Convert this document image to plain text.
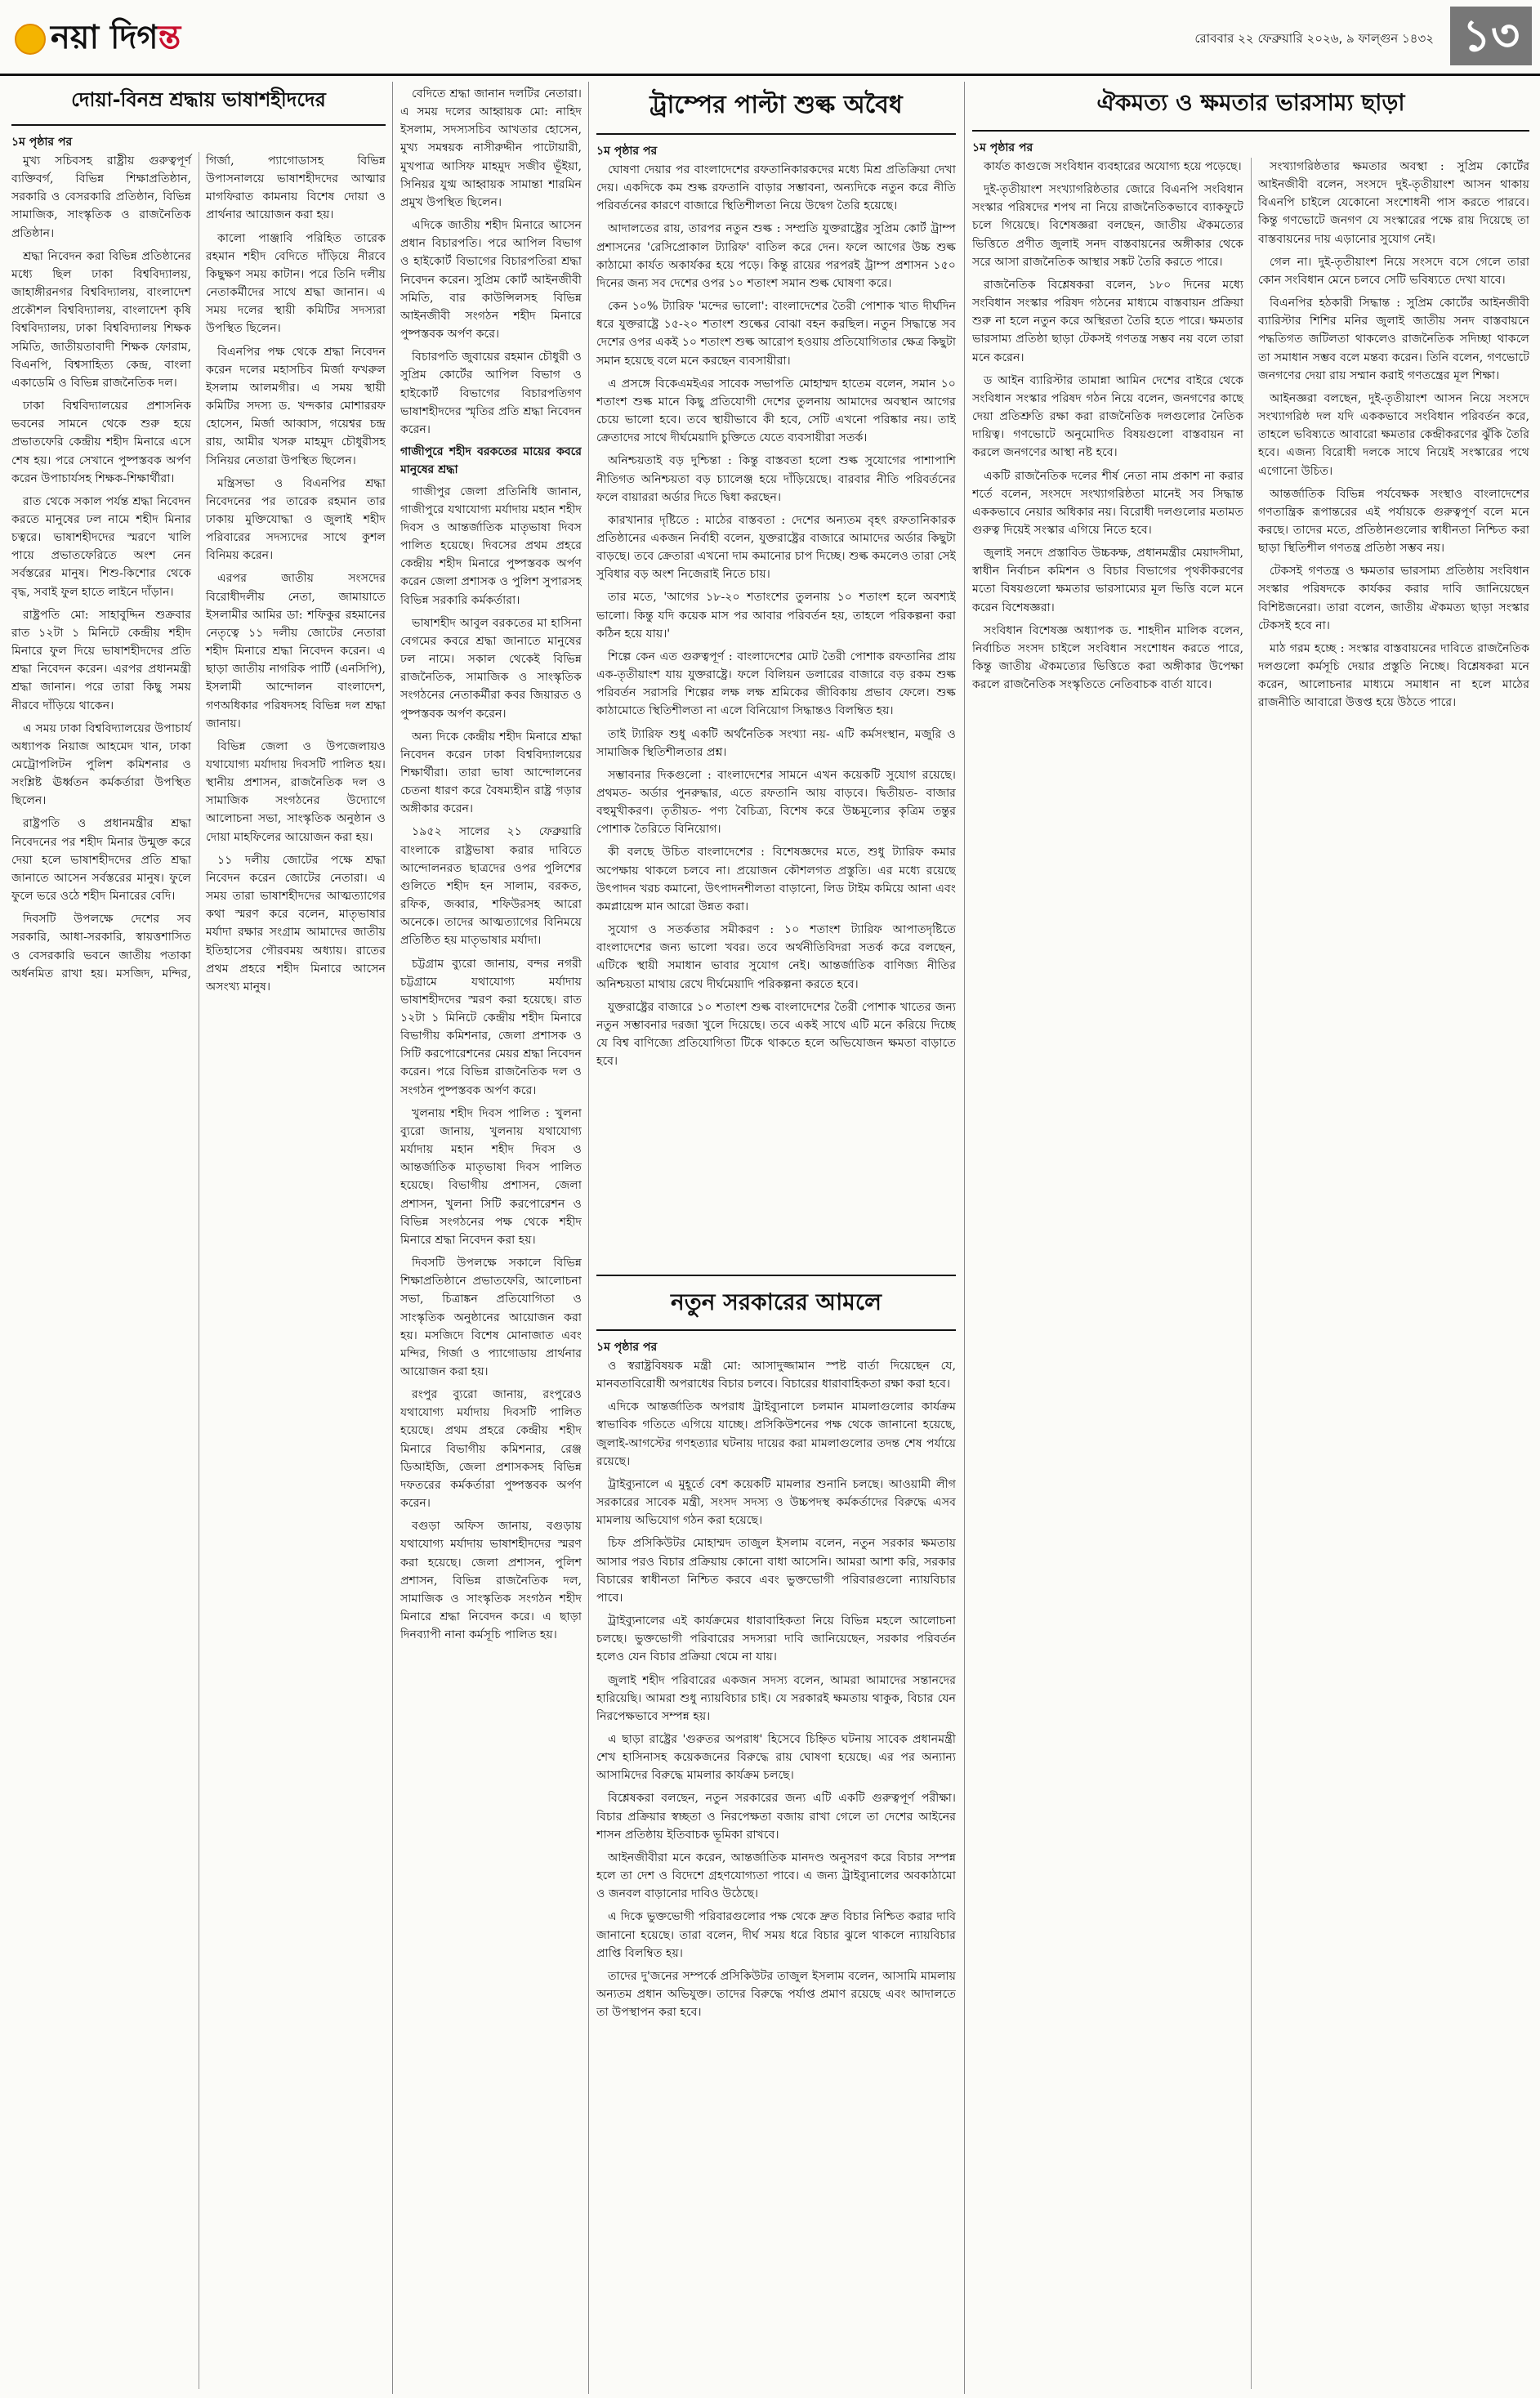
নয়া দিগন্ত	রোববার ২২ ফেব্রুয়ারি ২০২৬, ৯ ফাল্গুন ১৪৩২ ১৩
দোয়া-বিনম্র শ্রদ্ধায় ভাষাশহীদদের
১ম পৃষ্ঠার পর

মুখ্য সচিবসহ রাষ্ট্রীয় গুরুত্বপূর্ণ ব্যক্তিবর্গ, বিভিন্ন শিক্ষাপ্রতিষ্ঠান, সরকারি ও বেসরকারি প্রতিষ্ঠান, বিভিন্ন সামাজিক, সাংস্কৃতিক ও রাজনৈতিক প্রতিষ্ঠান।

শ্রদ্ধা নিবেদন করা বিভিন্ন প্রতিষ্ঠানের মধ্যে ছিল ঢাকা বিশ্ববিদ্যালয়, জাহাঙ্গীরনগর বিশ্ববিদ্যালয়, বাংলাদেশ প্রকৌশল বিশ্ববিদ্যালয়, বাংলাদেশ কৃষি বিশ্ববিদ্যালয়, ঢাকা বিশ্ববিদ্যালয় শিক্ষক সমিতি, জাতীয়তাবাদী শিক্ষক ফোরাম, বিএনপি, বিশ্বসাহিত্য কেন্দ্র, বাংলা একাডেমি ও বিভিন্ন রাজনৈতিক দল।

ঢাকা বিশ্ববিদ্যালয়ের প্রশাসনিক ভবনের সামনে থেকে শুরু হয়ে প্রভাতফেরি কেন্দ্রীয় শহীদ মিনারে এসে শেষ হয়। পরে সেখানে পুষ্পস্তবক অর্পণ করেন উপাচার্যসহ শিক্ষক-শিক্ষার্থীরা।

রাত থেকে সকাল পর্যন্ত শ্রদ্ধা নিবেদন করতে মানুষের ঢল নামে শহীদ মিনার চত্বরে। ভাষাশহীদদের স্মরণে খালি পায়ে প্রভাতফেরিতে অংশ নেন সর্বস্তরের মানুষ। শিশু-কিশোর থেকে বৃদ্ধ, সবাই ফুল হাতে লাইনে দাঁড়ান।

রাষ্ট্রপতি মো: সাহাবুদ্দিন শুক্রবার রাত ১২টা ১ মিনিটে কেন্দ্রীয় শহীদ মিনারে ফুল দিয়ে ভাষাশহীদদের প্রতি শ্রদ্ধা নিবেদন করেন। এরপর প্রধানমন্ত্রী শ্রদ্ধা জানান। পরে তারা কিছু সময় নীরবে দাঁড়িয়ে থাকেন।

এ সময় ঢাকা বিশ্ববিদ্যালয়ের উপাচার্য অধ্যাপক নিয়াজ আহমেদ খান, ঢাকা মেট্রোপলিটন পুলিশ কমিশনার ও সংশ্লিষ্ট ঊর্ধ্বতন কর্মকর্তারা উপস্থিত ছিলেন।

রাষ্ট্রপতি ও প্রধানমন্ত্রীর শ্রদ্ধা নিবেদনের পর শহীদ মিনার উন্মুক্ত করে দেয়া হলে ভাষাশহীদদের প্রতি শ্রদ্ধা জানাতে আসেন সর্বস্তরের মানুষ। ফুলে ফুলে ভরে ওঠে শহীদ মিনারের বেদি।

দিবসটি উপলক্ষে দেশের সব সরকারি, আধা-সরকারি, স্বায়ত্তশাসিত ও বেসরকারি ভবনে জাতীয় পতাকা অর্ধনমিত রাখা হয়। মসজিদ, মন্দির, গির্জা, প্যাগোডাসহ বিভিন্ন উপাসনালয়ে ভাষাশহীদদের আত্মার মাগফিরাত কামনায় বিশেষ দোয়া ও প্রার্থনার আয়োজন করা হয়।

কালো পাঞ্জাবি পরিহিত তারেক রহমান শহীদ বেদিতে দাঁড়িয়ে নীরবে কিছুক্ষণ সময় কাটান। পরে তিনি দলীয় নেতাকর্মীদের সাথে শ্রদ্ধা জানান। এ সময় দলের স্থায়ী কমিটির সদস্যরা উপস্থিত ছিলেন।

বিএনপির পক্ষ থেকে শ্রদ্ধা নিবেদন করেন দলের মহাসচিব মির্জা ফখরুল ইসলাম আলমগীর। এ সময় স্থায়ী কমিটির সদস্য ড. খন্দকার মোশাররফ হোসেন, মির্জা আব্বাস, গয়েশ্বর চন্দ্র রায়, আমীর খসরু মাহমুদ চৌধুরীসহ সিনিয়র নেতারা উপস্থিত ছিলেন।

মন্ত্রিসভা ও বিএনপির শ্রদ্ধা নিবেদনের পর তারেক রহমান তার ঢাকায় মুক্তিযোদ্ধা ও জুলাই শহীদ পরিবারের সদস্যদের সাথে কুশল বিনিময় করেন।

এরপর জাতীয় সংসদের বিরোধীদলীয় নেতা, জামায়াতে ইসলামীর আমির ডা: শফিকুর রহমানের নেতৃত্বে ১১ দলীয় জোটের নেতারা শহীদ মিনারে শ্রদ্ধা নিবেদন করেন। এ ছাড়া জাতীয় নাগরিক পার্টি (এনসিপি), ইসলামী আন্দোলন বাংলাদেশ, গণঅধিকার পরিষদসহ বিভিন্ন দল শ্রদ্ধা জানায়।

বিভিন্ন জেলা ও উপজেলায়ও যথাযোগ্য মর্যাদায় দিবসটি পালিত হয়। স্থানীয় প্রশাসন, রাজনৈতিক দল ও সামাজিক সংগঠনের উদ্যোগে আলোচনা সভা, সাংস্কৃতিক অনুষ্ঠান ও দোয়া মাহফিলের আয়োজন করা হয়।

১১ দলীয় জোটের পক্ষে শ্রদ্ধা নিবেদন করেন জোটের নেতারা। এ সময় তারা ভাষাশহীদদের আত্মত্যাগের কথা স্মরণ করে বলেন, মাতৃভাষার মর্যাদা রক্ষার সংগ্রাম আমাদের জাতীয় ইতিহাসের গৌরবময় অধ্যায়। রাতের প্রথম প্রহরে শহীদ মিনারে আসেন অসংখ্য মানুষ।

বেদিতে শ্রদ্ধা জানান দলটির নেতারা। এ সময় দলের আহ্বায়ক মো: নাহিদ ইসলাম, সদস্যসচিব আখতার হোসেন, মুখ্য সমন্বয়ক নাসীরুদ্দীন পাটোয়ারী, মুখপাত্র আসিফ মাহমুদ সজীব ভূঁইয়া, সিনিয়র যুগ্ম আহ্বায়ক সামান্তা শারমিন প্রমুখ উপস্থিত ছিলেন।

এদিকে জাতীয় শহীদ মিনারে আসেন প্রধান বিচারপতি। পরে আপিল বিভাগ ও হাইকোর্ট বিভাগের বিচারপতিরা শ্রদ্ধা নিবেদন করেন। সুপ্রিম কোর্ট আইনজীবী সমিতি, বার কাউন্সিলসহ বিভিন্ন আইনজীবী সংগঠন শহীদ মিনারে পুষ্পস্তবক অর্পণ করে।

বিচারপতি জুবায়ের রহমান চৌধুরী ও সুপ্রিম কোর্টের আপিল বিভাগ ও হাইকোর্ট বিভাগের বিচারপতিগণ ভাষাশহীদদের স্মৃতির প্রতি শ্রদ্ধা নিবেদন করেন।

গাজীপুরে শহীদ বরকতের মায়ের কবরে মানুষের শ্রদ্ধা

গাজীপুর জেলা প্রতিনিধি জানান, গাজীপুরে যথাযোগ্য মর্যাদায় মহান শহীদ দিবস ও আন্তর্জাতিক মাতৃভাষা দিবস পালিত হয়েছে। দিবসের প্রথম প্রহরে কেন্দ্রীয় শহীদ মিনারে পুষ্পস্তবক অর্পণ করেন জেলা প্রশাসক ও পুলিশ সুপারসহ বিভিন্ন সরকারি কর্মকর্তারা।

ভাষাশহীদ আবুল বরকতের মা হাসিনা বেগমের কবরে শ্রদ্ধা জানাতে মানুষের ঢল নামে। সকাল থেকেই বিভিন্ন রাজনৈতিক, সামাজিক ও সাংস্কৃতিক সংগঠনের নেতাকর্মীরা কবর জিয়ারত ও পুষ্পস্তবক অর্পণ করেন।

অন্য দিকে কেন্দ্রীয় শহীদ মিনারে শ্রদ্ধা নিবেদন করেন ঢাকা বিশ্ববিদ্যালয়ের শিক্ষার্থীরা। তারা ভাষা আন্দোলনের চেতনা ধারণ করে বৈষম্যহীন রাষ্ট্র গড়ার অঙ্গীকার করেন।

১৯৫২ সালের ২১ ফেব্রুয়ারি বাংলাকে রাষ্ট্রভাষা করার দাবিতে আন্দোলনরত ছাত্রদের ওপর পুলিশের গুলিতে শহীদ হন সালাম, বরকত, রফিক, জব্বার, শফিউরসহ আরো অনেকে। তাদের আত্মত্যাগের বিনিময়ে প্রতিষ্ঠিত হয় মাতৃভাষার মর্যাদা।

চট্টগ্রাম ব্যুরো জানায়, বন্দর নগরী চট্টগ্রামে যথাযোগ্য মর্যাদায় ভাষাশহীদদের স্মরণ করা হয়েছে। রাত ১২টা ১ মিনিটে কেন্দ্রীয় শহীদ মিনারে বিভাগীয় কমিশনার, জেলা প্রশাসক ও সিটি করপোরেশনের মেয়র শ্রদ্ধা নিবেদন করেন। পরে বিভিন্ন রাজনৈতিক দল ও সংগঠন পুষ্পস্তবক অর্পণ করে।

খুলনায় শহীদ দিবস পালিত : খুলনা ব্যুরো জানায়, খুলনায় যথাযোগ্য মর্যাদায় মহান শহীদ দিবস ও আন্তর্জাতিক মাতৃভাষা দিবস পালিত হয়েছে। বিভাগীয় প্রশাসন, জেলা প্রশাসন, খুলনা সিটি করপোরেশন ও বিভিন্ন সংগঠনের পক্ষ থেকে শহীদ মিনারে শ্রদ্ধা নিবেদন করা হয়।

দিবসটি উপলক্ষে সকালে বিভিন্ন শিক্ষাপ্রতিষ্ঠানে প্রভাতফেরি, আলোচনা সভা, চিত্রাঙ্কন প্রতিযোগিতা ও সাংস্কৃতিক অনুষ্ঠানের আয়োজন করা হয়। মসজিদে বিশেষ মোনাজাত এবং মন্দির, গির্জা ও প্যাগোডায় প্রার্থনার আয়োজন করা হয়।

রংপুর ব্যুরো জানায়, রংপুরেও যথাযোগ্য মর্যাদায় দিবসটি পালিত হয়েছে। প্রথম প্রহরে কেন্দ্রীয় শহীদ মিনারে বিভাগীয় কমিশনার, রেঞ্জ ডিআইজি, জেলা প্রশাসকসহ বিভিন্ন দফতরের কর্মকর্তারা পুষ্পস্তবক অর্পণ করেন।

বগুড়া অফিস জানায়, বগুড়ায় যথাযোগ্য মর্যাদায় ভাষাশহীদদের স্মরণ করা হয়েছে। জেলা প্রশাসন, পুলিশ প্রশাসন, বিভিন্ন রাজনৈতিক দল, সামাজিক ও সাংস্কৃতিক সংগঠন শহীদ মিনারে শ্রদ্ধা নিবেদন করে। এ ছাড়া দিনব্যাপী নানা কর্মসূচি পালিত হয়।

ট্রাম্পের পাল্টা শুল্ক অবৈধ
১ম পৃষ্ঠার পর

ঘোষণা দেয়ার পর বাংলাদেশের রফতানিকারকদের মধ্যে মিশ্র প্রতিক্রিয়া দেখা দেয়। একদিকে কম শুল্ক রফতানি বাড়ার সম্ভাবনা, অন্যদিকে নতুন করে নীতি পরিবর্তনের কারণে বাজারে স্থিতিশীলতা নিয়ে উদ্বেগ তৈরি হয়েছে।

আদালতের রায়, তারপর নতুন শুল্ক : সম্প্রতি যুক্তরাষ্ট্রের সুপ্রিম কোর্ট ট্রাম্প প্রশাসনের 'রেসিপ্রোকাল ট্যারিফ' বাতিল করে দেন। ফলে আগের উচ্চ শুল্ক কাঠামো কার্যত অকার্যকর হয়ে পড়ে। কিন্তু রায়ের পরপরই ট্রাম্প প্রশাসন ১৫০ দিনের জন্য সব দেশের ওপর ১০ শতাংশ সমান শুল্ক ঘোষণা করে।

কেন ১০% ট্যারিফ 'মন্দের ভালো': বাংলাদেশের তৈরী পোশাক খাত দীর্ঘদিন ধরে যুক্তরাষ্ট্রে ১৫-২০ শতাংশ শুল্কের বোঝা বহন করছিল। নতুন সিদ্ধান্তে সব দেশের ওপর একই ১০ শতাংশ শুল্ক আরোপ হওয়ায় প্রতিযোগিতার ক্ষেত্র কিছুটা সমান হয়েছে বলে মনে করছেন ব্যবসায়ীরা।

এ প্রসঙ্গে বিকেএমইএর সাবেক সভাপতি মোহাম্মদ হাতেম বলেন, সমান ১০ শতাংশ শুল্ক মানে কিছু প্রতিযোগী দেশের তুলনায় আমাদের অবস্থান আগের চেয়ে ভালো হবে। তবে স্থায়ীভাবে কী হবে, সেটি এখনো পরিষ্কার নয়। তাই ক্রেতাদের সাথে দীর্ঘমেয়াদি চুক্তিতে যেতে ব্যবসায়ীরা সতর্ক।

অনিশ্চয়তাই বড় দুশ্চিন্তা : কিন্তু বাস্তবতা হলো শুল্ক সুযোগের পাশাপাশি নীতিগত অনিশ্চয়তা বড় চ্যালেঞ্জ হয়ে দাঁড়িয়েছে। বারবার নীতি পরিবর্তনের ফলে বায়াররা অর্ডার দিতে দ্বিধা করছেন।

কারখানার দৃষ্টিতে : মাঠের বাস্তবতা : দেশের অন্যতম বৃহৎ রফতানিকারক প্রতিষ্ঠানের একজন নির্বাহী বলেন, যুক্তরাষ্ট্রের বাজারে আমাদের অর্ডার কিছুটা বাড়ছে। তবে ক্রেতারা এখনো দাম কমানোর চাপ দিচ্ছে। শুল্ক কমলেও তারা সেই সুবিধার বড় অংশ নিজেরাই নিতে চায়।

তার মতে, 'আগের ১৮-২০ শতাংশের তুলনায় ১০ শতাংশ হলে অবশ্যই ভালো। কিন্তু যদি কয়েক মাস পর আবার পরিবর্তন হয়, তাহলে পরিকল্পনা করা কঠিন হয়ে যায়।'

শিল্পে কেন এত গুরুত্বপূর্ণ : বাংলাদেশের মোট তৈরী পোশাক রফতানির প্রায় এক-তৃতীয়াংশ যায় যুক্তরাষ্ট্রে। ফলে বিলিয়ন ডলারের বাজারে বড় রকম শুল্ক পরিবর্তন সরাসরি শিল্পের লক্ষ লক্ষ শ্রমিকের জীবিকায় প্রভাব ফেলে। শুল্ক কাঠামোতে স্থিতিশীলতা না এলে বিনিয়োগ সিদ্ধান্তও বিলম্বিত হয়।

তাই ট্যারিফ শুধু একটি অর্থনৈতিক সংখ্যা নয়- এটি কর্মসংস্থান, মজুরি ও সামাজিক স্থিতিশীলতার প্রশ্ন।

সম্ভাবনার দিকগুলো : বাংলাদেশের সামনে এখন কয়েকটি সুযোগ রয়েছে। প্রথমত- অর্ডার পুনরুদ্ধার, এতে রফতানি আয় বাড়বে। দ্বিতীয়ত- বাজার বহুমুখীকরণ। তৃতীয়ত- পণ্য বৈচিত্র্য, বিশেষ করে উচ্চমূল্যের কৃত্রিম তন্তুর পোশাক তৈরিতে বিনিয়োগ।

কী বলছে উচিত বাংলাদেশের : বিশেষজ্ঞদের মতে, শুধু ট্যারিফ কমার অপেক্ষায় থাকলে চলবে না। প্রয়োজন কৌশলগত প্রস্তুতি। এর মধ্যে রয়েছে উৎপাদন খরচ কমানো, উৎপাদনশীলতা বাড়ানো, লিড টাইম কমিয়ে আনা এবং কমপ্লায়েন্স মান আরো উন্নত করা।

সুযোগ ও সতর্কতার সমীকরণ : ১০ শতাংশ ট্যারিফ আপাতদৃষ্টিতে বাংলাদেশের জন্য ভালো খবর। তবে অর্থনীতিবিদরা সতর্ক করে বলছেন, এটিকে স্থায়ী সমাধান ভাবার সুযোগ নেই। আন্তর্জাতিক বাণিজ্য নীতির অনিশ্চয়তা মাথায় রেখে দীর্ঘমেয়াদি পরিকল্পনা করতে হবে।

যুক্তরাষ্ট্রের বাজারে ১০ শতাংশ শুল্ক বাংলাদেশের তৈরী পোশাক খাতের জন্য নতুন সম্ভাবনার দরজা খুলে দিয়েছে। তবে একই সাথে এটি মনে করিয়ে দিচ্ছে যে বিশ্ব বাণিজ্যে প্রতিযোগিতা টিকে থাকতে হলে অভিযোজন ক্ষমতা বাড়াতে হবে।

নতুন সরকারের আমলে
১ম পৃষ্ঠার পর

ও স্বরাষ্ট্রবিষয়ক মন্ত্রী মো: আসাদুজ্জামান স্পষ্ট বার্তা দিয়েছেন যে, মানবতাবিরোধী অপরাধের বিচার চলবে। বিচারের ধারাবাহিকতা রক্ষা করা হবে।

এদিকে আন্তর্জাতিক অপরাধ ট্রাইব্যুনালে চলমান মামলাগুলোর কার্যক্রম স্বাভাবিক গতিতে এগিয়ে যাচ্ছে। প্রসিকিউশনের পক্ষ থেকে জানানো হয়েছে, জুলাই-আগস্টের গণহত্যার ঘটনায় দায়ের করা মামলাগুলোর তদন্ত শেষ পর্যায়ে রয়েছে।

ট্রাইব্যুনালে এ মুহূর্তে বেশ কয়েকটি মামলার শুনানি চলছে। আওয়ামী লীগ সরকারের সাবেক মন্ত্রী, সংসদ সদস্য ও উচ্চপদস্থ কর্মকর্তাদের বিরুদ্ধে এসব মামলায় অভিযোগ গঠন করা হয়েছে।

চিফ প্রসিকিউটর মোহাম্মদ তাজুল ইসলাম বলেন, নতুন সরকার ক্ষমতায় আসার পরও বিচার প্রক্রিয়ায় কোনো বাধা আসেনি। আমরা আশা করি, সরকার বিচারের স্বাধীনতা নিশ্চিত করবে এবং ভুক্তভোগী পরিবারগুলো ন্যায়বিচার পাবে।

ট্রাইব্যুনালের এই কার্যক্রমের ধারাবাহিকতা নিয়ে বিভিন্ন মহলে আলোচনা চলছে। ভুক্তভোগী পরিবারের সদস্যরা দাবি জানিয়েছেন, সরকার পরিবর্তন হলেও যেন বিচার প্রক্রিয়া থেমে না যায়।

জুলাই শহীদ পরিবারের একজন সদস্য বলেন, আমরা আমাদের সন্তানদের হারিয়েছি। আমরা শুধু ন্যায়বিচার চাই। যে সরকারই ক্ষমতায় থাকুক, বিচার যেন নিরপেক্ষভাবে সম্পন্ন হয়।

এ ছাড়া রাষ্ট্রের 'গুরুতর অপরাধ' হিসেবে চিহ্নিত ঘটনায় সাবেক প্রধানমন্ত্রী শেখ হাসিনাসহ কয়েকজনের বিরুদ্ধে রায় ঘোষণা হয়েছে। এর পর অন্যান্য আসামিদের বিরুদ্ধে মামলার কার্যক্রম চলছে।

বিশ্লেষকরা বলছেন, নতুন সরকারের জন্য এটি একটি গুরুত্বপূর্ণ পরীক্ষা। বিচার প্রক্রিয়ার স্বচ্ছতা ও নিরপেক্ষতা বজায় রাখা গেলে তা দেশের আইনের শাসন প্রতিষ্ঠায় ইতিবাচক ভূমিকা রাখবে।

আইনজীবীরা মনে করেন, আন্তর্জাতিক মানদণ্ড অনুসরণ করে বিচার সম্পন্ন হলে তা দেশ ও বিদেশে গ্রহণযোগ্যতা পাবে। এ জন্য ট্রাইব্যুনালের অবকাঠামো ও জনবল বাড়ানোর দাবিও উঠেছে।

এ দিকে ভুক্তভোগী পরিবারগুলোর পক্ষ থেকে দ্রুত বিচার নিশ্চিত করার দাবি জানানো হয়েছে। তারা বলেন, দীর্ঘ সময় ধরে বিচার ঝুলে থাকলে ন্যায়বিচার প্রাপ্তি বিলম্বিত হয়।

তাদের দু'জনের সম্পর্কে প্রসিকিউটর তাজুল ইসলাম বলেন, আসামি মামলায় অন্যতম প্রধান অভিযুক্ত। তাদের বিরুদ্ধে পর্যাপ্ত প্রমাণ রয়েছে এবং আদালতে তা উপস্থাপন করা হবে।

ঐকমত্য ও ক্ষমতার ভারসাম্য ছাড়া
১ম পৃষ্ঠার পর

কার্যত কাগুজে সংবিধান ব্যবহারের অযোগ্য হয়ে পড়েছে।

দুই-তৃতীয়াংশ সংখ্যাগরিষ্ঠতার জোরে বিএনপি সংবিধান সংস্কার পরিষদের শপথ না নিয়ে রাজনৈতিকভাবে ব্যাকফুটে চলে গিয়েছে। বিশেষজ্ঞরা বলছেন, জাতীয় ঐকমত্যের ভিত্তিতে প্রণীত জুলাই সনদ বাস্তবায়নের অঙ্গীকার থেকে সরে আসা রাজনৈতিক আস্থার সঙ্কট তৈরি করতে পারে।

রাজনৈতিক বিশ্লেষকরা বলেন, ১৮০ দিনের মধ্যে সংবিধান সংস্কার পরিষদ গঠনের মাধ্যমে বাস্তবায়ন প্রক্রিয়া শুরু না হলে নতুন করে অস্থিরতা তৈরি হতে পারে। ক্ষমতার ভারসাম্য প্রতিষ্ঠা ছাড়া টেকসই গণতন্ত্র সম্ভব নয় বলে তারা মনে করেন।

ড আইন ব্যারিস্টার তামান্না আমিন দেশের বাইরে থেকে সংবিধান সংস্কার পরিষদ গঠন নিয়ে বলেন, জনগণের কাছে দেয়া প্রতিশ্রুতি রক্ষা করা রাজনৈতিক দলগুলোর নৈতিক দায়িত্ব। গণভোটে অনুমোদিত বিষয়গুলো বাস্তবায়ন না করলে জনগণের আস্থা নষ্ট হবে।

একটি রাজনৈতিক দলের শীর্ষ নেতা নাম প্রকাশ না করার শর্তে বলেন, সংসদে সংখ্যাগরিষ্ঠতা মানেই সব সিদ্ধান্ত এককভাবে নেয়ার অধিকার নয়। বিরোধী দলগুলোর মতামত গুরুত্ব দিয়েই সংস্কার এগিয়ে নিতে হবে।

জুলাই সনদে প্রস্তাবিত উচ্চকক্ষ, প্রধানমন্ত্রীর মেয়াদসীমা, স্বাধীন নির্বাচন কমিশন ও বিচার বিভাগের পৃথকীকরণের মতো বিষয়গুলো ক্ষমতার ভারসাম্যের মূল ভিত্তি বলে মনে করেন বিশেষজ্ঞরা।

সংবিধান বিশেষজ্ঞ অধ্যাপক ড. শাহদীন মালিক বলেন, নির্বাচিত সংসদ চাইলে সংবিধান সংশোধন করতে পারে, কিন্তু জাতীয় ঐকমত্যের ভিত্তিতে করা অঙ্গীকার উপেক্ষা করলে রাজনৈতিক সংস্কৃতিতে নেতিবাচক বার্তা যাবে।

সংখ্যাগরিষ্ঠতার ক্ষমতার অবস্থা : সুপ্রিম কোর্টের আইনজীবী বলেন, সংসদে দুই-তৃতীয়াংশ আসন থাকায় বিএনপি চাইলে যেকোনো সংশোধনী পাস করতে পারবে। কিন্তু গণভোটে জনগণ যে সংস্কারের পক্ষে রায় দিয়েছে তা বাস্তবায়নের দায় এড়ানোর সুযোগ নেই।

গেল না। দুই-তৃতীয়াংশ নিয়ে সংসদে বসে গেলে তারা কোন সংবিধান মেনে চলবে সেটি ভবিষ্যতে দেখা যাবে।

বিএনপির হঠকারী সিদ্ধান্ত : সুপ্রিম কোর্টের আইনজীবী ব্যারিস্টার শিশির মনির জুলাই জাতীয় সনদ বাস্তবায়নে পদ্ধতিগত জটিলতা থাকলেও রাজনৈতিক সদিচ্ছা থাকলে তা সমাধান সম্ভব বলে মন্তব্য করেন। তিনি বলেন, গণভোটে জনগণের দেয়া রায় সম্মান করাই গণতন্ত্রের মূল শিক্ষা।

আইনজ্ঞরা বলছেন, দুই-তৃতীয়াংশ আসন নিয়ে সংসদে সংখ্যাগরিষ্ঠ দল যদি এককভাবে সংবিধান পরিবর্তন করে, তাহলে ভবিষ্যতে আবারো ক্ষমতার কেন্দ্রীকরণের ঝুঁকি তৈরি হবে। এজন্য বিরোধী দলকে সাথে নিয়েই সংস্কারের পথে এগোনো উচিত।

আন্তর্জাতিক বিভিন্ন পর্যবেক্ষক সংস্থাও বাংলাদেশের গণতান্ত্রিক রূপান্তরের এই পর্যায়কে গুরুত্বপূর্ণ বলে মনে করছে। তাদের মতে, প্রতিষ্ঠানগুলোর স্বাধীনতা নিশ্চিত করা ছাড়া স্থিতিশীল গণতন্ত্র প্রতিষ্ঠা সম্ভব নয়।

টেকসই গণতন্ত্র ও ক্ষমতার ভারসাম্য প্রতিষ্ঠায় সংবিধান সংস্কার পরিষদকে কার্যকর করার দাবি জানিয়েছেন বিশিষ্টজনেরা। তারা বলেন, জাতীয় ঐকমত্য ছাড়া সংস্কার টেকসই হবে না।

মাঠ গরম হচ্ছে : সংস্কার বাস্তবায়নের দাবিতে রাজনৈতিক দলগুলো কর্মসূচি দেয়ার প্রস্তুতি নিচ্ছে। বিশ্লেষকরা মনে করেন, আলোচনার মাধ্যমে সমাধান না হলে মাঠের রাজনীতি আবারো উত্তপ্ত হয়ে উঠতে পারে।
